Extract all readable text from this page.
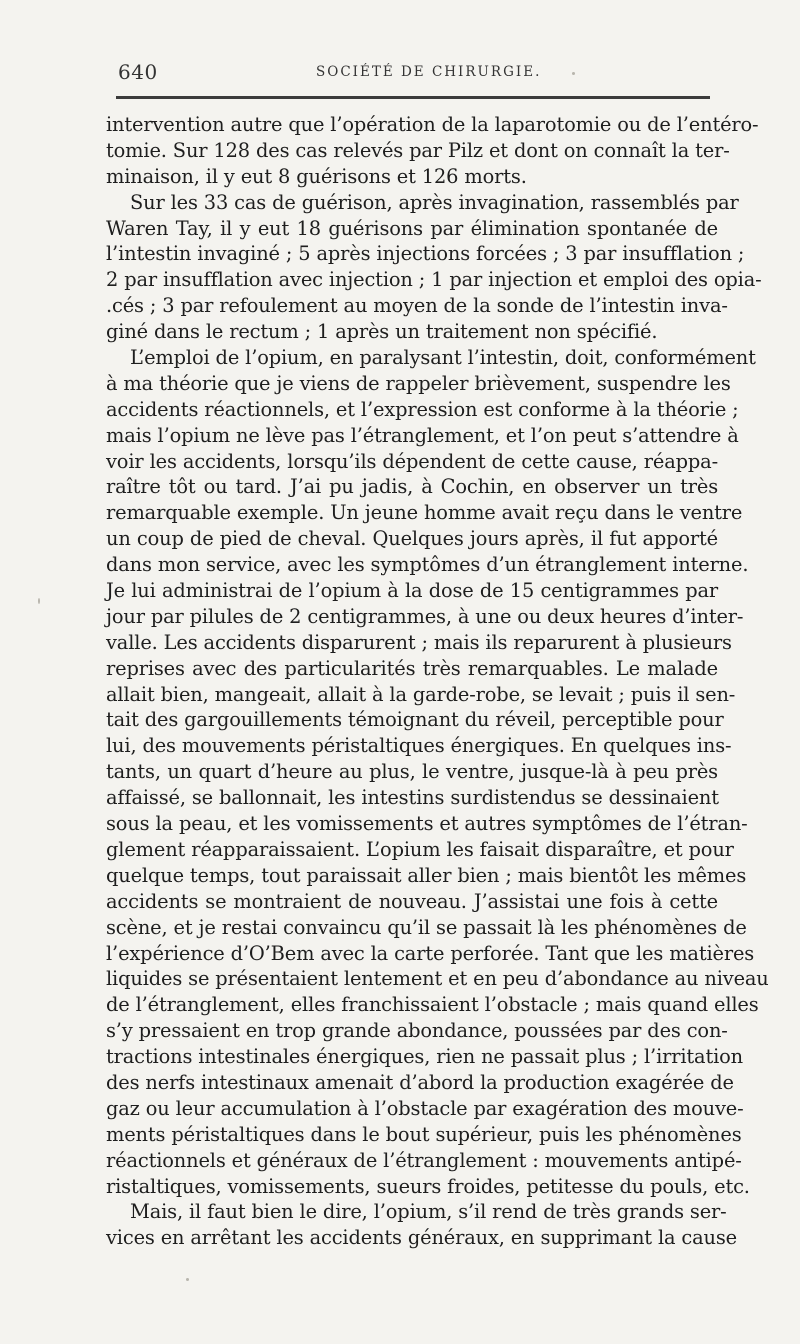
640	SOCIÉTÉ DE CHIRURGIE.
intervention autre que l’opération de la laparotomie ou de l’entéro-
tomie. Sur 128 des cas relevés par Pilz et dont on connaît la ter-
minaison, il y eut 8 guérisons et 126 morts.
Sur les 33 cas de guérison, après invagination, rassemblés par
Waren Tay, il y eut 18 guérisons par élimination spontanée de
l’intestin invaginé ; 5 après injections forcées ; 3 par insufflation ;
2 par insufflation avec injection ; 1 par injection et emploi des opia-
.cés ; 3 par refoulement au moyen de la sonde de l’intestin inva-
giné dans le rectum ; 1 après un traitement non spécifié.
L’emploi de l’opium, en paralysant l’intestin, doit, conformément
à ma théorie que je viens de rappeler brièvement, suspendre les
accidents réactionnels, et l’expression est conforme à la théorie ;
mais l’opium ne lève pas l’étranglement, et l’on peut s’attendre à
voir les accidents, lorsqu’ils dépendent de cette cause, réappa-
raître tôt ou tard. J’ai pu jadis, à Cochin, en observer un très
remarquable exemple. Un jeune homme avait reçu dans le ventre
un coup de pied de cheval. Quelques jours après, il fut apporté
dans mon service, avec les symptômes d’un étranglement interne.
Je lui administrai de l’opium à la dose de 15 centigrammes par
jour par pilules de 2 centigrammes, à une ou deux heures d’inter-
valle. Les accidents disparurent ; mais ils reparurent à plusieurs
reprises avec des particularités très remarquables. Le malade
allait bien, mangeait, allait à la garde-robe, se levait ; puis il sen-
tait des gargouillements témoignant du réveil, perceptible pour
lui, des mouvements péristaltiques énergiques. En quelques ins-
tants, un quart d’heure au plus, le ventre, jusque-là à peu près
affaissé, se ballonnait, les intestins surdistendus se dessinaient
sous la peau, et les vomissements et autres symptômes de l’étran-
glement réapparaissaient. L’opium les faisait disparaître, et pour
quelque temps, tout paraissait aller bien ; mais bientôt les mêmes
accidents se montraient de nouveau. J’assistai une fois à cette
scène, et je restai convaincu qu’il se passait là les phénomènes de
l’expérience d’O’Bem avec la carte perforée. Tant que les matières
liquides se présentaient lentement et en peu d’abondance au niveau
de l’étranglement, elles franchissaient l’obstacle ; mais quand elles
s’y pressaient en trop grande abondance, poussées par des con-
tractions intestinales énergiques, rien ne passait plus ; l’irritation
des nerfs intestinaux amenait d’abord la production exagérée de
gaz ou leur accumulation à l’obstacle par exagération des mouve-
ments péristaltiques dans le bout supérieur, puis les phénomènes
réactionnels et généraux de l’étranglement : mouvements antipé-
ristaltiques, vomissements, sueurs froides, petitesse du pouls, etc.
Mais, il faut bien le dire, l’opium, s’il rend de très grands ser-
vices en arrêtant les accidents généraux, en supprimant la cause
